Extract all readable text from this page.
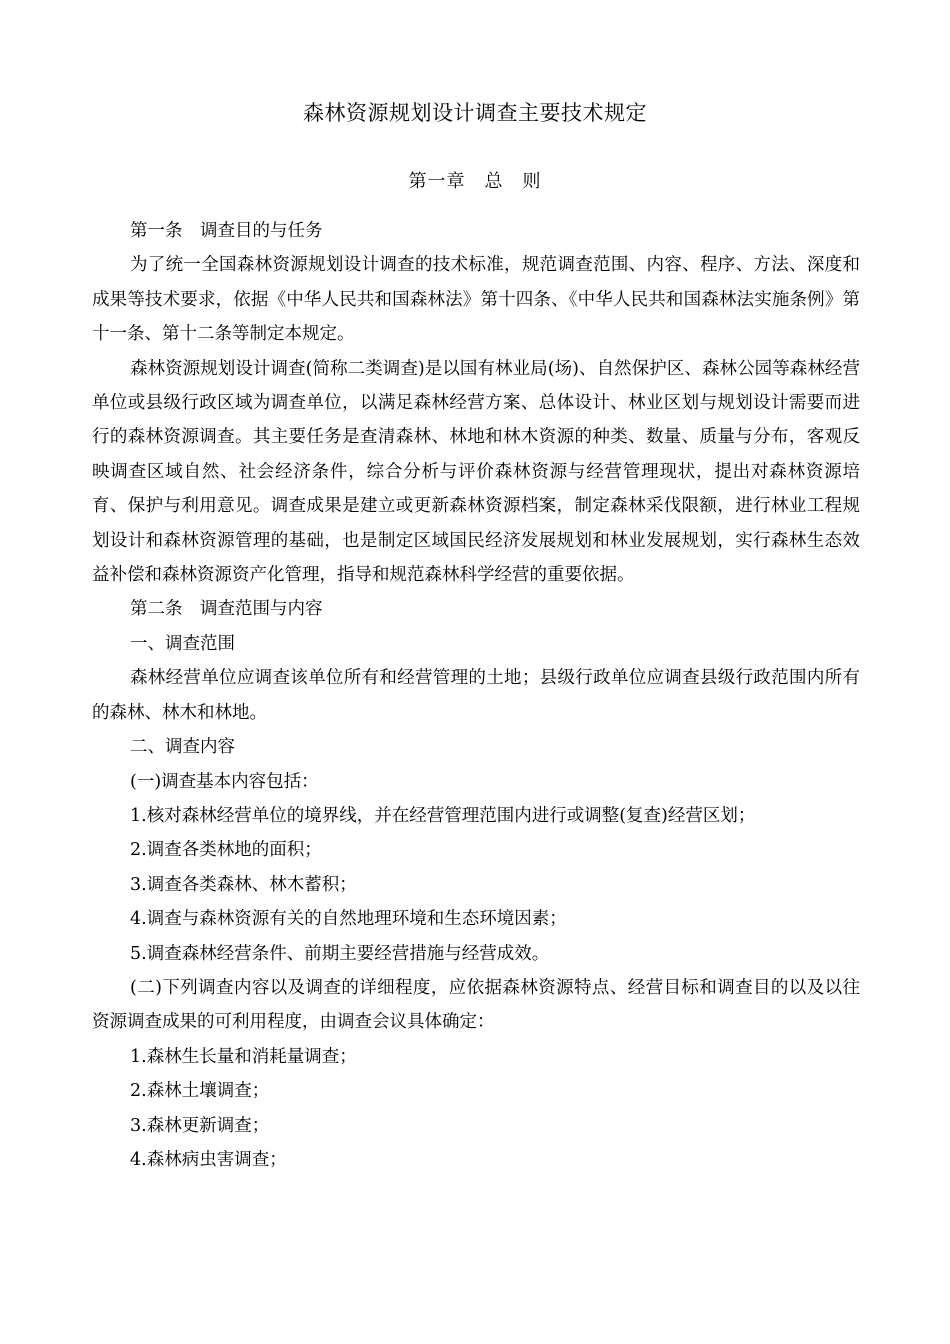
森林资源规划设计调查主要技术规定
第一章　总　则

第一条　调查目的与任务

为了统一全国森林资源规划设计调查的技术标准，规范调查范围、内容、程序、方法、深度和成果等技术要求，依据《中华人民共和国森林法》第十四条、《中华人民共和国森林法实施条例》第十一条、第十二条等制定本规定。

森林资源规划设计调查(简称二类调查)是以国有林业局(场)、自然保护区、森林公园等森林经营单位或县级行政区域为调查单位，以满足森林经营方案、总体设计、林业区划与规划设计需要而进行的森林资源调查。其主要任务是查清森林、林地和林木资源的种类、数量、质量与分布，客观反映调查区域自然、社会经济条件，综合分析与评价森林资源与经营管理现状，提出对森林资源培育、保护与利用意见。调查成果是建立或更新森林资源档案，制定森林采伐限额，进行林业工程规划设计和森林资源管理的基础，也是制定区域国民经济发展规划和林业发展规划，实行森林生态效益补偿和森林资源资产化管理，指导和规范森林科学经营的重要依据。

第二条　调查范围与内容

一、调查范围

森林经营单位应调查该单位所有和经营管理的土地；县级行政单位应调查县级行政范围内所有的森林、林木和林地。

二、调查内容

(一)调查基本内容包括：

1.核对森林经营单位的境界线，并在经营管理范围内进行或调整(复查)经营区划；

2.调查各类林地的面积；

3.调查各类森林、林木蓄积；

4.调查与森林资源有关的自然地理环境和生态环境因素；

5.调查森林经营条件、前期主要经营措施与经营成效。

(二)下列调查内容以及调查的详细程度，应依据森林资源特点、经营目标和调查目的以及以往资源调查成果的可利用程度，由调查会议具体确定：

1.森林生长量和消耗量调查；

2.森林土壤调查；

3.森林更新调查；

4.森林病虫害调查；
